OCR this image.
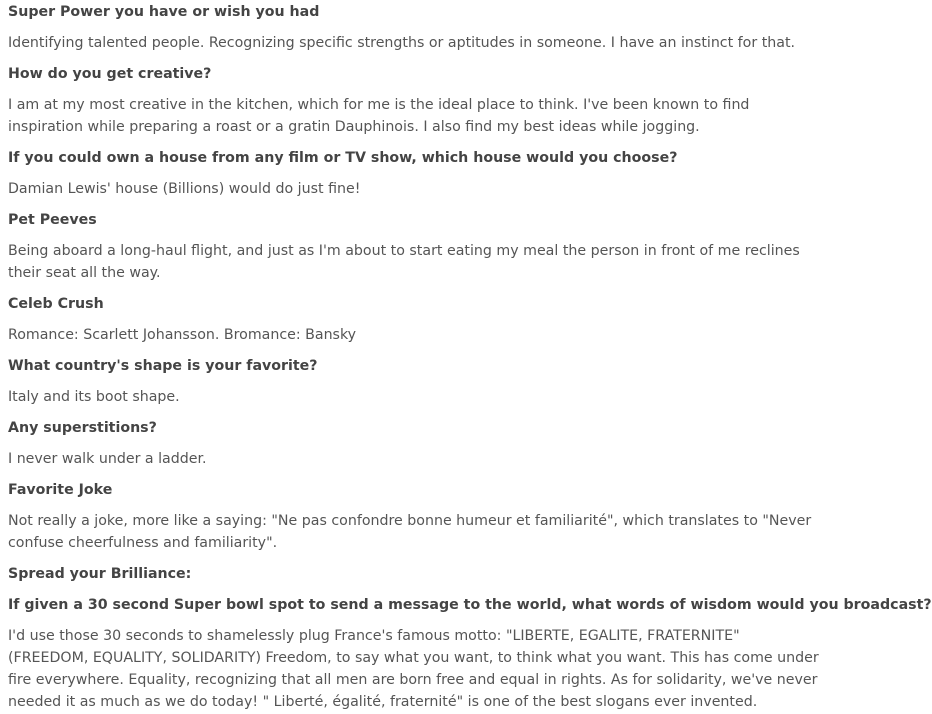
Super Power you have or wish you had

Identifying talented people. Recognizing specific strengths or aptitudes in someone. I have an instinct for that.

How do you get creative?

I am at my most creative in the kitchen, which for me is the ideal place to think. I've been known to find inspiration while preparing a roast or a gratin Dauphinois. I also find my best ideas while jogging.

If you could own a house from any film or TV show, which house would you choose?

Damian Lewis' house (Billions) would do just fine!

Pet Peeves

Being aboard a long-haul flight, and just as I'm about to start eating my meal the person in front of me reclines their seat all the way.

Celeb Crush

Romance: Scarlett Johansson. Bromance: Bansky

What country's shape is your favorite?

Italy and its boot shape.

Any superstitions?

I never walk under a ladder.

Favorite Joke

Not really a joke, more like a saying: "Ne pas confondre bonne humeur et familiarité", which translates to "Never confuse cheerfulness and familiarity".

Spread your Brilliance:

If given a 30 second Super bowl spot to send a message to the world, what words of wisdom would you broadcast?

I'd use those 30 seconds to shamelessly plug France's famous motto: "LIBERTE, EGALITE, FRATERNITE" (FREEDOM, EQUALITY, SOLIDARITY) Freedom, to say what you want, to think what you want. This has come under fire everywhere. Equality, recognizing that all men are born free and equal in rights. As for solidarity, we've never needed it as much as we do today! " Liberté, égalité, fraternité" is one of the best slogans ever invented.
